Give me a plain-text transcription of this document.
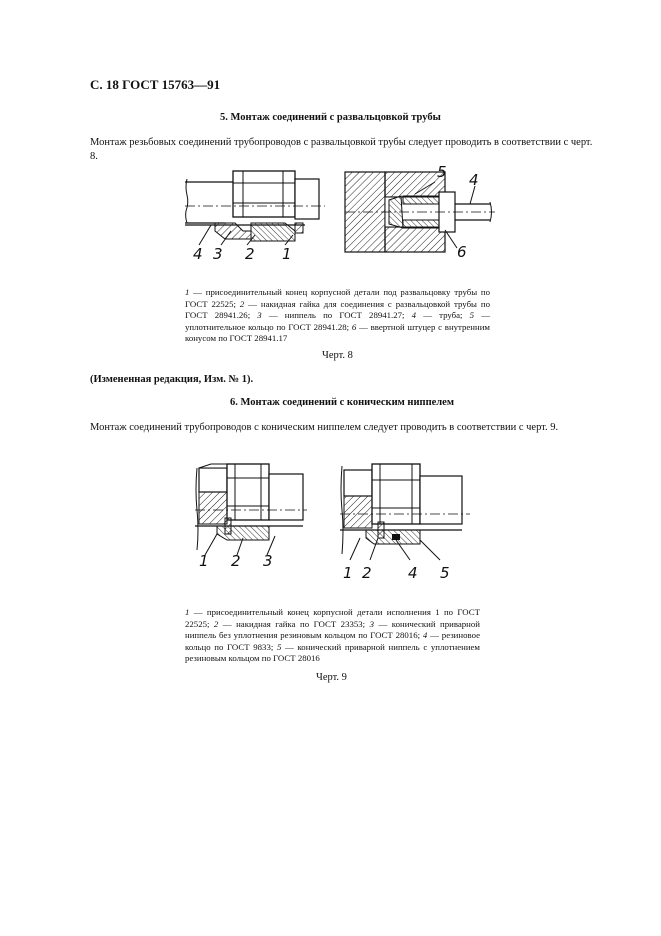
С. 18 ГОСТ 15763—91
5. Монтаж соединений с развальцовкой трубы
Монтаж резьбовых соединений трубопроводов с развальцовкой трубы следует проводить в соответствии с черт. 8.
4 3 2 1
5 4
6
1 — присоединительный конец корпусной детали под развальцовку трубы по ГОСТ 22525; 2 — накидная гайка для соединения с развальцовкой трубы по ГОСТ 28941.26; 3 — ниппель по ГОСТ 28941.27; 4 — труба; 5 — уплотнительное кольцо по ГОСТ 28941.28; 6 — ввертной штуцер с внутренним конусом по ГОСТ 28941.17
Черт. 8
(Измененная редакция, Изм. № 1).
6. Монтаж соединений с коническим ниппелем
Монтаж соединений трубопроводов с коническим ниппелем следует проводить в соответствии с черт. 9.
1 2 3
1 2 4 5
1 — присоединительный конец корпусной детали исполнения 1 по ГОСТ 22525; 2 — накидная гайка по ГОСТ 23353; 3 — конический приварной ниппель без уплотнения резиновым кольцом по ГОСТ 28016; 4 — резиновое кольцо по ГОСТ 9833; 5 — конический приварной ниппель с уплотнением резиновым кольцом по ГОСТ 28016
Черт. 9
